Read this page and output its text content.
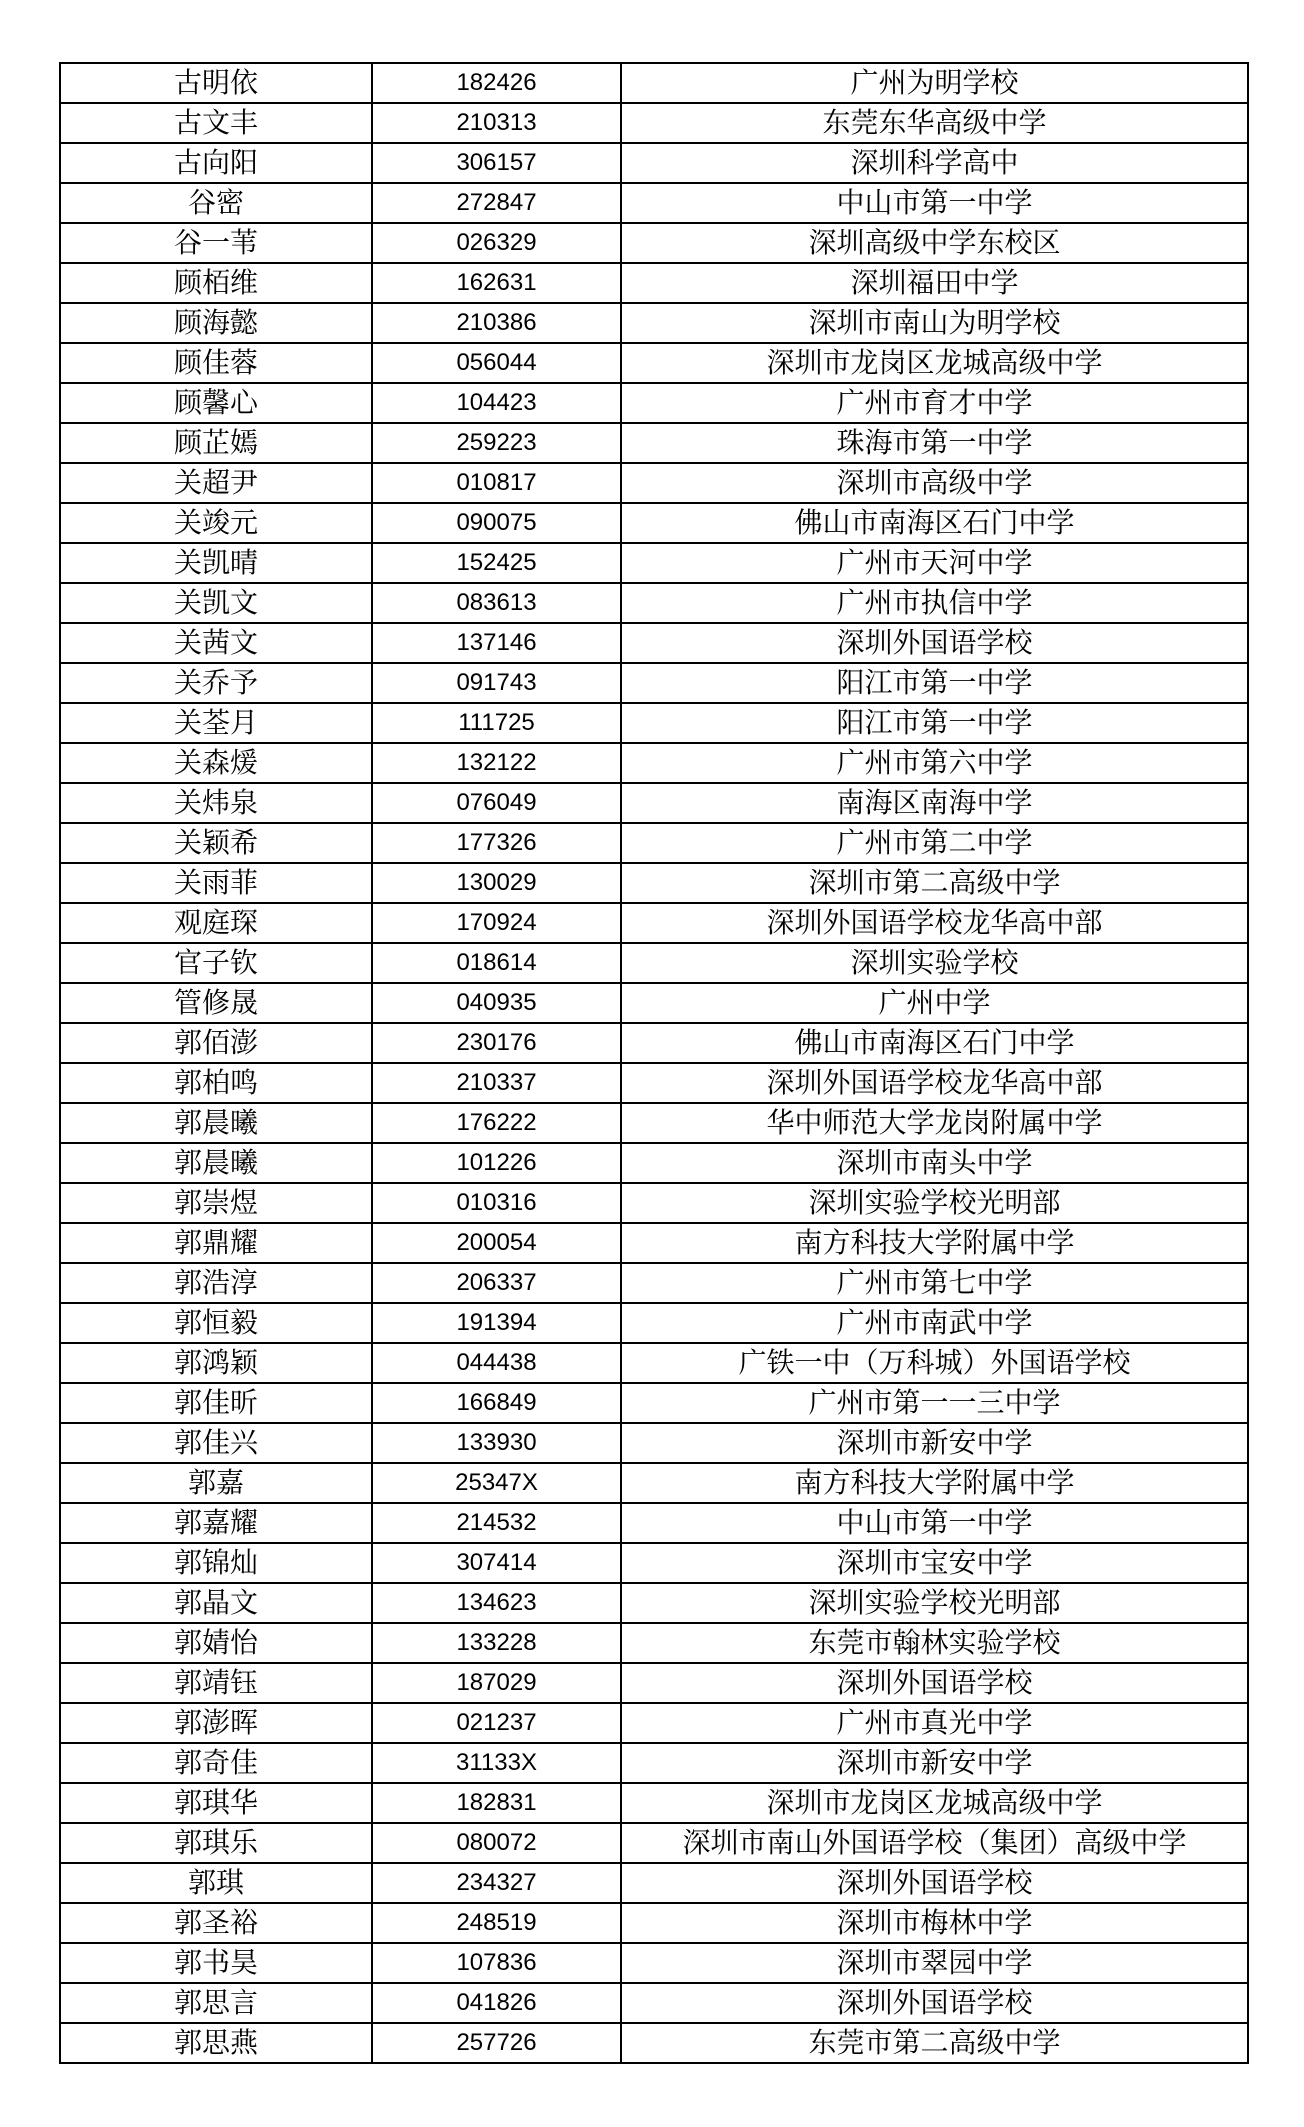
古明依	182426	广州为明学校
古文丰	210313	东莞东华高级中学
古向阳	306157	深圳科学高中
谷密	272847	中山市第一中学
谷一苇	026329	深圳高级中学东校区
顾栢维	162631	深圳福田中学
顾海懿	210386	深圳市南山为明学校
顾佳蓉	056044	深圳市龙岗区龙城高级中学
顾馨心	104423	广州市育才中学
顾芷嫣	259223	珠海市第一中学
关超尹	010817	深圳市高级中学
关竣元	090075	佛山市南海区石门中学
关凯晴	152425	广州市天河中学
关凯文	083613	广州市执信中学
关茜文	137146	深圳外国语学校
关乔予	091743	阳江市第一中学
关荃月	111725	阳江市第一中学
关森煖	132122	广州市第六中学
关炜泉	076049	南海区南海中学
关颖希	177326	广州市第二中学
关雨菲	130029	深圳市第二高级中学
观庭琛	170924	深圳外国语学校龙华高中部
官子钦	018614	深圳实验学校
管修晟	040935	广州中学
郭佰澎	230176	佛山市南海区石门中学
郭柏鸣	210337	深圳外国语学校龙华高中部
郭晨曦	176222	华中师范大学龙岗附属中学
郭晨曦	101226	深圳市南头中学
郭崇煜	010316	深圳实验学校光明部
郭鼎耀	200054	南方科技大学附属中学
郭浩淳	206337	广州市第七中学
郭恒毅	191394	广州市南武中学
郭鸿颖	044438	广铁一中（万科城）外国语学校
郭佳昕	166849	广州市第一一三中学
郭佳兴	133930	深圳市新安中学
郭嘉	25347X	南方科技大学附属中学
郭嘉耀	214532	中山市第一中学
郭锦灿	307414	深圳市宝安中学
郭晶文	134623	深圳实验学校光明部
郭婧怡	133228	东莞市翰林实验学校
郭靖钰	187029	深圳外国语学校
郭澎晖	021237	广州市真光中学
郭奇佳	31133X	深圳市新安中学
郭琪华	182831	深圳市龙岗区龙城高级中学
郭琪乐	080072	深圳市南山外国语学校（集团）高级中学
郭琪	234327	深圳外国语学校
郭圣裕	248519	深圳市梅林中学
郭书昊	107836	深圳市翠园中学
郭思言	041826	深圳外国语学校
郭思燕	257726	东莞市第二高级中学
